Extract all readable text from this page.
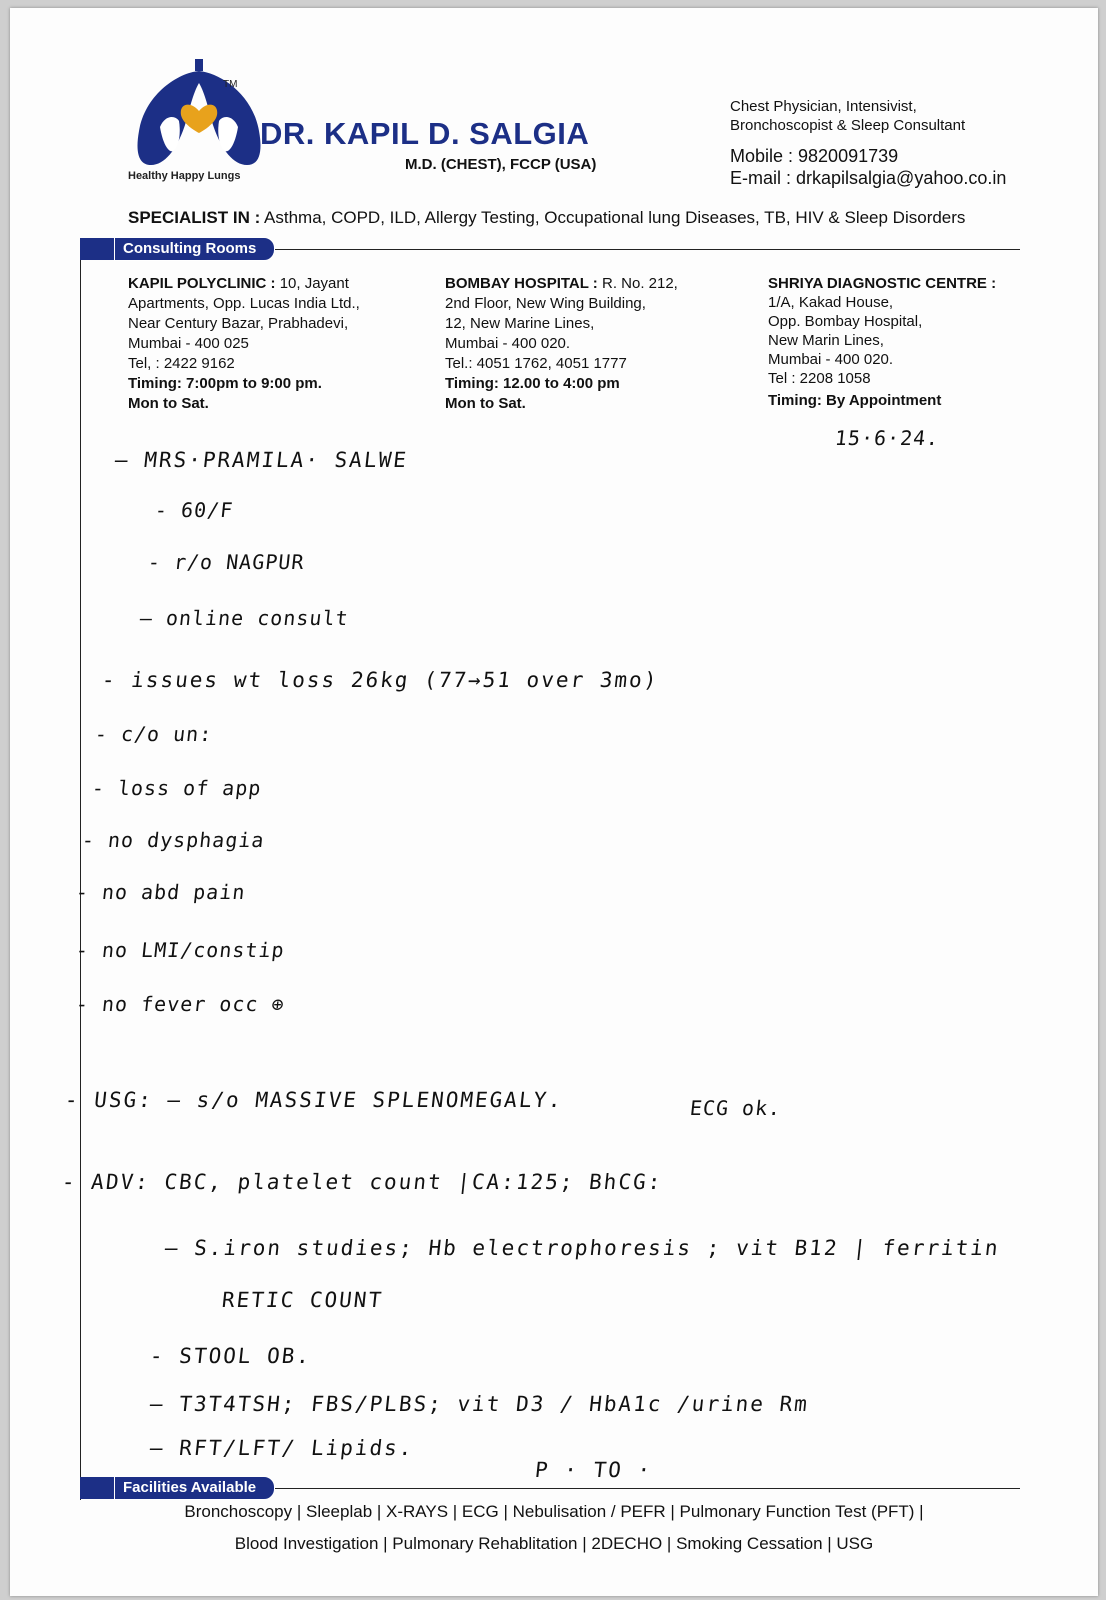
TM
Healthy Happy Lungs
DR. KAPIL D. SALGIA
M.D. (CHEST), FCCP (USA)
Chest Physician, Intensivist,
Bronchoscopist & Sleep Consultant
Mobile : 9820091739
E-mail : drkapilsalgia@yahoo.co.in
SPECIALIST IN : Asthma, COPD, ILD, Allergy Testing, Occupational lung Diseases, TB, HIV & Sleep Disorders
Consulting Rooms
KAPIL POLYCLINIC : 10, Jayant
Apartments, Opp. Lucas India Ltd.,
Near Century Bazar, Prabhadevi,
Mumbai - 400 025
Tel, : 2422 9162
Timing: 7:00pm to 9:00 pm.
Mon to Sat.
BOMBAY HOSPITAL : R. No. 212,
2nd Floor, New Wing Building,
12, New Marine Lines,
Mumbai - 400 020.
Tel.: 4051 1762, 4051 1777
Timing: 12.00 to 4:00 pm
Mon to Sat.
SHRIYA DIAGNOSTIC CENTRE :
1/A, Kakad House,
Opp. Bombay Hospital,
New Marin Lines,
Mumbai - 400 020.
Tel : 2208 1058
Timing: By Appointment
15·6·24.
— MRS·PRAMILA· SALWE
- 60/F
- r/o NAGPUR
— online consult
- issues wt loss 26kg (77→51 over 3mo)
- c/o un:
- loss of app
- no dysphagia
- no abd pain
- no LMI/constip
- no fever occ ⊕
- USG: — s/o MASSIVE SPLENOMEGALY.	ECG ok.
- ADV: CBC, platelet count |CA:125; BhCG:
— S.iron studies; Hb electrophoresis ; vit B12 | ferritin
RETIC COUNT
- STOOL OB.
— T3T4TSH; FBS/PLBS; vit D3 / HbA1c /urine Rm
— RFT/LFT/ Lipids.
P · TO ·
Facilities Available
Bronchoscopy | Sleeplab | X-RAYS | ECG | Nebulisation / PEFR | Pulmonary Function Test (PFT) |
Blood Investigation | Pulmonary Rehablitation | 2DECHO | Smoking Cessation | USG
